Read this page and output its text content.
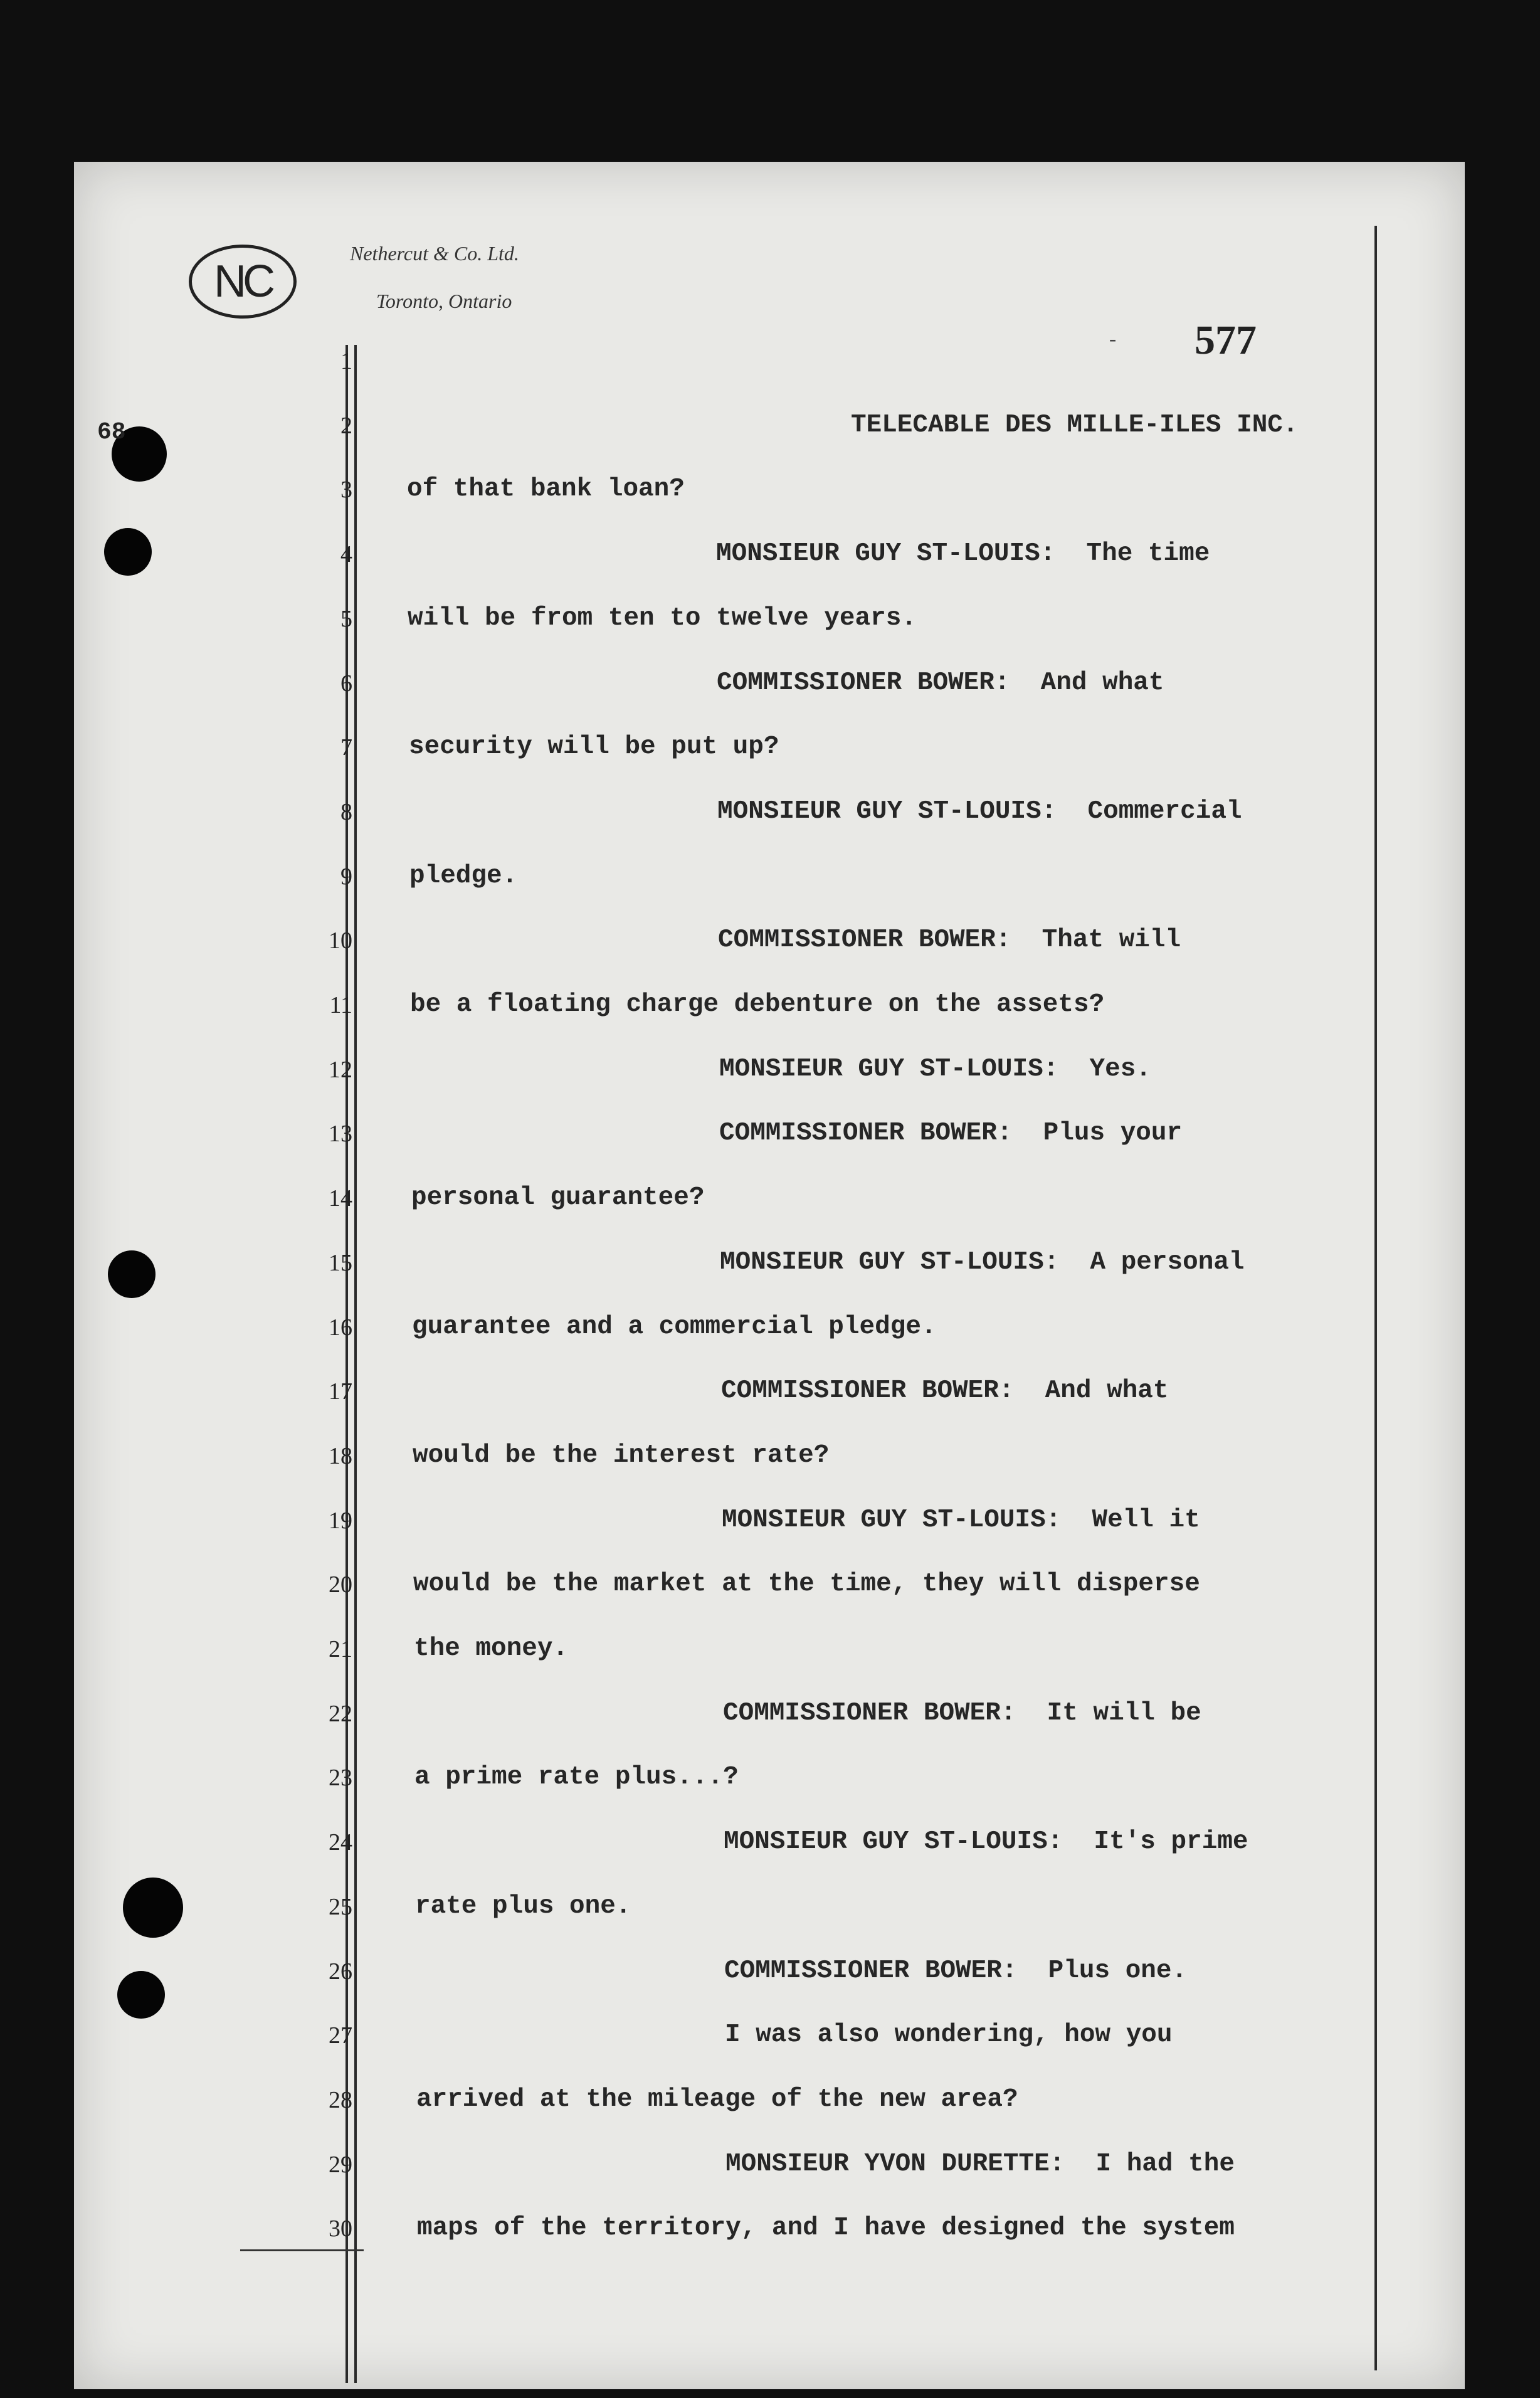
68
NC
Nethercut & Co. Ltd.
Toronto, Ontario
- 577
1
2	TELECABLE DES MILLE-ILES INC.
3 of that bank loan?
4	MONSIEUR GUY ST-LOUIS:  The time
5 will be from ten to twelve years.
6	COMMISSIONER BOWER:  And what
7 security will be put up?
8	MONSIEUR GUY ST-LOUIS:  Commercial
9 pledge.
10	COMMISSIONER BOWER:  That will
11 be a floating charge debenture on the assets?
12	MONSIEUR GUY ST-LOUIS:  Yes.
13	COMMISSIONER BOWER:  Plus your
14 personal guarantee?
15	MONSIEUR GUY ST-LOUIS:  A personal
16 guarantee and a commercial pledge.
17	COMMISSIONER BOWER:  And what
18 would be the interest rate?
19	MONSIEUR GUY ST-LOUIS:  Well it
20 would be the market at the time, they will disperse
21 the money.
22	COMMISSIONER BOWER:  It will be
23 a prime rate plus...?
24	MONSIEUR GUY ST-LOUIS:  It's prime
25 rate plus one.
26	COMMISSIONER BOWER:  Plus one.
27	I was also wondering, how you
28 arrived at the mileage of the new area?
29	MONSIEUR YVON DURETTE:  I had the
30	maps of the territory, and I have designed the system
